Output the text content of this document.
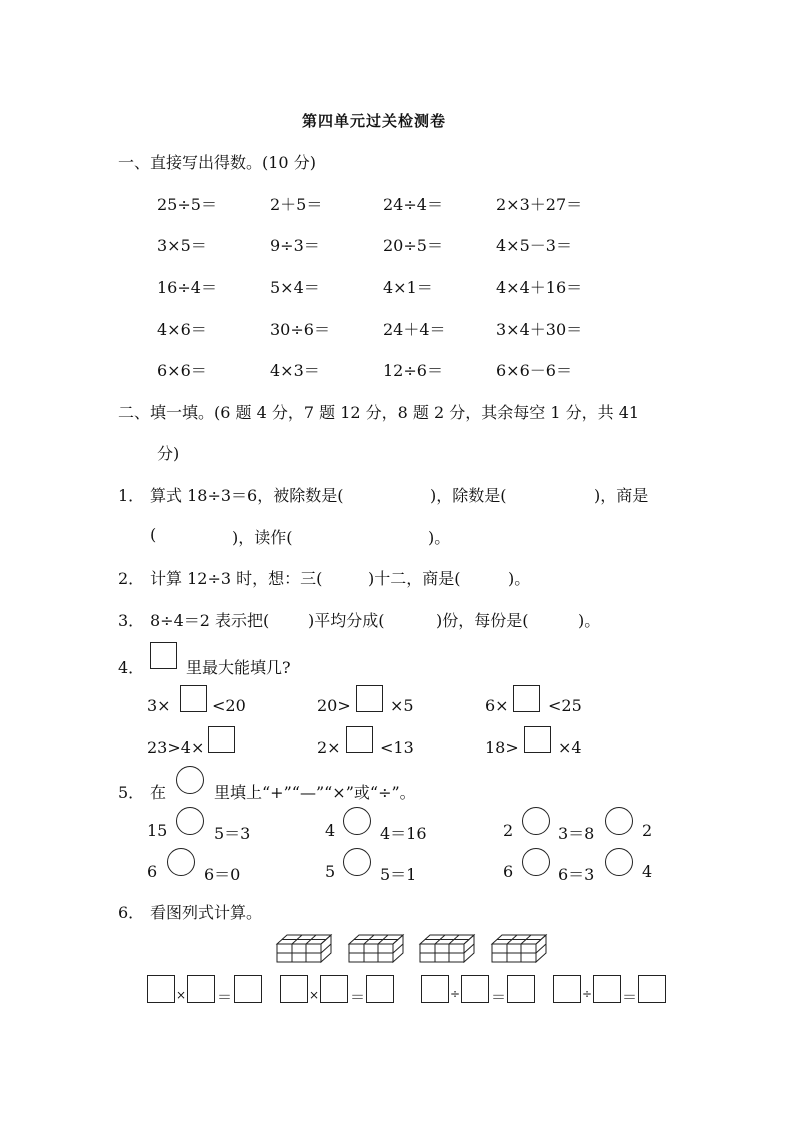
第四单元过关检测卷
一、直接写出得数。(10 分)
25÷5＝	2＋5＝	24÷4＝	2×3＋27＝
3×5＝	9÷3＝	20÷5＝	4×5－3＝
16÷4＝	5×4＝	4×1＝	4×4＋16＝
4×6＝	30÷6＝	24＋4＝	3×4＋30＝
6×6＝	4×3＝	12÷6＝	6×6－6＝
二、填一填。(6 题 4 分，7 题 12 分，8 题 2 分，其余每空 1 分，共 41
分)
1． 算式 18÷3＝6，被除数是(	)，除数是(	)，商是
(	)，读作(	)。
2． 计算 12÷3 时，想：三(	)十二，商是(	)。
3． 8÷4＝2 表示把( )平均分成(	)份，每份是(	)。
4．	里最大能填几?
3×	<20	20> ×5	6× <25
23>4×	2× <13	18> ×4
5． 在	里填上“+”“—”“×”或“÷”。
15	5＝3	4	4＝16	2	3＝8	2
6	6＝0	5	5＝1	6	6＝3	4
6． 看图列式计算。
× ＝	× ＝	÷ ＝	÷ ＝
